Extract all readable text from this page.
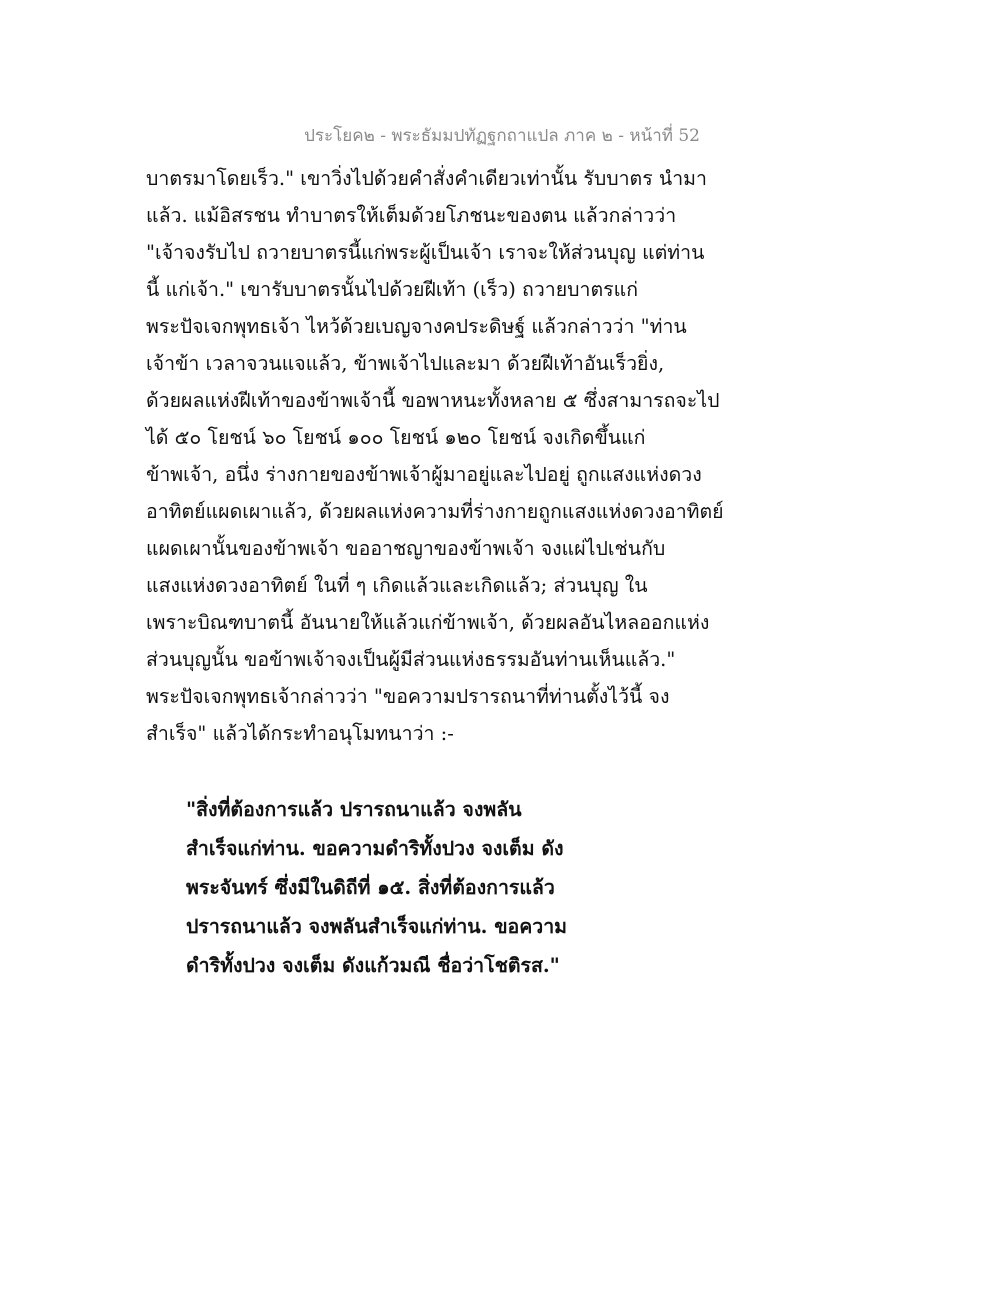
ประโยค๒ - พระธัมมปทัฏฐกถาแปล ภาค ๒ - หน้าที่ 52
บาตรมาโดยเร็ว." เขาวิ่งไปด้วยคำสั่งคำเดียวเท่านั้น รับบาตร นำมา
แล้ว. แม้อิสรชน ทำบาตรให้เต็มด้วยโภชนะของตน แล้วกล่าวว่า
"เจ้าจงรับไป ถวายบาตรนี้แก่พระผู้เป็นเจ้า เราจะให้ส่วนบุญ แต่ท่าน
นี้ แก่เจ้า." เขารับบาตรนั้นไปด้วยฝีเท้า (เร็ว) ถวายบาตรแก่
พระปัจเจกพุทธเจ้า ไหว้ด้วยเบญจางคประดิษฐ์ แล้วกล่าวว่า "ท่าน
เจ้าข้า เวลาจวนแจแล้ว, ข้าพเจ้าไปและมา ด้วยฝีเท้าอันเร็วยิ่ง,
ด้วยผลแห่งฝีเท้าของข้าพเจ้านี้ ขอพาหนะทั้งหลาย ๕ ซึ่งสามารถจะไป
ได้ ๕๐ โยชน์ ๖๐ โยชน์ ๑๐๐ โยชน์ ๑๒๐ โยชน์ จงเกิดขึ้นแก่
ข้าพเจ้า, อนึ่ง ร่างกายของข้าพเจ้าผู้มาอยู่และไปอยู่ ถูกแสงแห่งดวง
อาทิตย์แผดเผาแล้ว, ด้วยผลแห่งความที่ร่างกายถูกแสงแห่งดวงอาทิตย์
แผดเผานั้นของข้าพเจ้า ขออาชญาของข้าพเจ้า จงแผ่ไปเช่นกับ
แสงแห่งดวงอาทิตย์ ในที่ ๆ เกิดแล้วและเกิดแล้ว; ส่วนบุญ ใน
เพราะบิณฑบาตนี้ อันนายให้แล้วแก่ข้าพเจ้า, ด้วยผลอันไหลออกแห่ง
ส่วนบุญนั้น ขอข้าพเจ้าจงเป็นผู้มีส่วนแห่งธรรมอันท่านเห็นแล้ว."
พระปัจเจกพุทธเจ้ากล่าวว่า "ขอความปรารถนาที่ท่านตั้งไว้นี้ จง
สำเร็จ" แล้วได้กระทำอนุโมทนาว่า :-
"สิ่งที่ต้องการแล้ว ปรารถนาแล้ว จงพลัน
สำเร็จแก่ท่าน. ขอความดำริทั้งปวง จงเต็ม ดัง
พระจันทร์ ซึ่งมีในดิถีที่ ๑๕. สิ่งที่ต้องการแล้ว
ปรารถนาแล้ว จงพลันสำเร็จแก่ท่าน. ขอความ
ดำริทั้งปวง จงเต็ม ดังแก้วมณี ชื่อว่าโชติรส."
